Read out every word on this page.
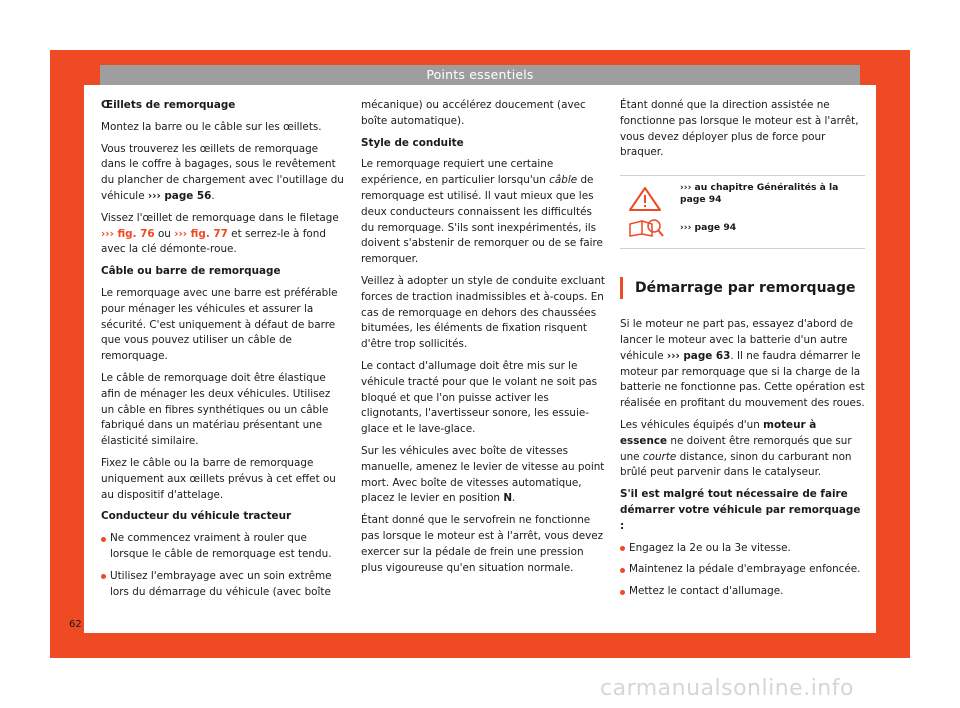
Points essentiels

Œillets de remorquage

Montez la barre ou le câble sur les œillets.

Vous trouverez les œillets de remorquage dans le coffre à bagages, sous le revêtement du plancher de chargement avec l'outillage du véhicule ››› page 56.

Vissez l'œillet de remorquage dans le filetage ››› fig. 76 ou ››› fig. 77 et serrez-le à fond avec la clé démonte-roue.

Câble ou barre de remorquage

Le remorquage avec une barre est préférable pour ménager les véhicules et assurer la sécurité. C'est uniquement à défaut de barre que vous pouvez utiliser un câble de remorquage.

Le câble de remorquage doit être élastique afin de ménager les deux véhicules. Utilisez un câble en fibres synthétiques ou un câble fabriqué dans un matériau présentant une élasticité similaire.

Fixez le câble ou la barre de remorquage uniquement aux œillets prévus à cet effet ou au dispositif d'attelage.

Conducteur du véhicule tracteur

Ne commencez vraiment à rouler que lorsque le câble de remorquage est tendu.

Utilisez l'embrayage avec un soin extrême lors du démarrage du véhicule (avec boîte

mécanique) ou accélérez doucement (avec boîte automatique).

Style de conduite

Le remorquage requiert une certaine expérience, en particulier lorsqu'un câble de remorquage est utilisé. Il vaut mieux que les deux conducteurs connaissent les difficultés du remorquage. S'ils sont inexpérimentés, ils doivent s'abstenir de remorquer ou de se faire remorquer.

Veillez à adopter un style de conduite excluant forces de traction inadmissibles et à-coups. En cas de remorquage en dehors des chaussées bitumées, les éléments de fixation risquent d'être trop sollicités.

Le contact d'allumage doit être mis sur le véhicule tracté pour que le volant ne soit pas bloqué et que l'on puisse activer les clignotants, l'avertisseur sonore, les essuie-glace et le lave-glace.

Sur les véhicules avec boîte de vitesses manuelle, amenez le levier de vitesse au point mort. Avec boîte de vitesses automatique, placez le levier en position N.

Étant donné que le servofrein ne fonctionne pas lorsque le moteur est à l'arrêt, vous devez exercer sur la pédale de frein une pression plus vigoureuse qu'en situation normale.

Étant donné que la direction assistée ne fonctionne pas lorsque le moteur est à l'arrêt, vous devez déployer plus de force pour braquer.

››› au chapitre Généralités à la page 94
››› page 94
Démarrage par remorquage

Si le moteur ne part pas, essayez d'abord de lancer le moteur avec la batterie d'un autre véhicule ››› page 63. Il ne faudra démarrer le moteur par remorquage que si la charge de la batterie ne fonctionne pas. Cette opération est réalisée en profitant du mouvement des roues.

Les véhicules équipés d'un moteur à essence ne doivent être remorqués que sur une courte distance, sinon du carburant non brûlé peut parvenir dans le catalyseur.

S'il est malgré tout nécessaire de faire démarrer votre véhicule par remorquage :

Engagez la 2e ou la 3e vitesse.

Maintenez la pédale d'embrayage enfoncée.

Mettez le contact d'allumage.

62
carmanualsonline.info
